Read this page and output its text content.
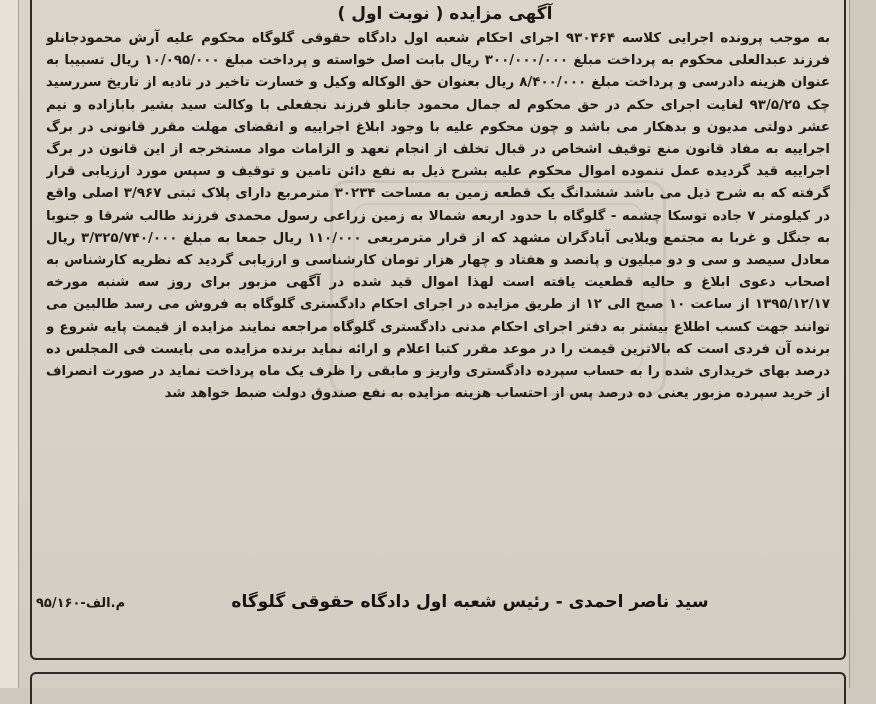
آگهی مزایده ( نوبت اول )
به موجب پرونده اجرایی کلاسه ۹۳۰۴۶۴ اجرای احکام شعبه اول دادگاه حقوقی گلوگاه محکوم علیه آرش محمودجانلو فرزند عبدالعلی محکوم به پرداخت مبلغ ۳۰۰/۰۰۰/۰۰۰ ریال بابت اصل خواسته و پرداخت مبلغ ۱۰/۰۹۵/۰۰۰ ریال تسبیبا به عنوان هزینه دادرسی و پرداخت مبلغ ۸/۴۰۰/۰۰۰ ریال بعنوان حق الوکاله وکیل و خسارت تاخیر در تادیه از تاریخ سررسید چک ۹۳/۵/۲۵ لغایت اجرای حکم در حق محکوم له جمال محمود جانلو فرزند نجفعلی با وکالت سید بشیر بابازاده و نیم عشر دولتی مدیون و بدهکار می باشد و چون محکوم علیه با وجود ابلاغ اجراییه و انقضای مهلت مقرر قانونی در برگ اجراییه به مفاد قانون منع توقیف اشخاص در قبال تخلف از انجام تعهد و الزامات مواد مستخرجه از این قانون در برگ اجراییه قید گردیده عمل ننموده اموال محکوم علیه بشرح ذیل به نفع دائن تامین و توقیف و سپس مورد ارزیابی قرار گرفته که به شرح ذیل می باشد ششدانگ یک قطعه زمین به مساحت ۳۰۲۳۴ مترمربع دارای پلاک ثبتی ۳/۹۶۷ اصلی واقع در کیلومتر ۷ جاده توسکا چشمه - گلوگاه با حدود اربعه شمالا به زمین زراعی رسول محمدی فرزند طالب شرقا و جنوبا به جنگل و غربا به مجتمع ویلایی آبادگران مشهد که از قرار مترمربعی ۱۱۰/۰۰۰ ریال جمعا به مبلغ ۳/۳۲۵/۷۴۰/۰۰۰ ریال معادل سیصد و سی و دو میلیون و پانصد و هفتاد و چهار هزار تومان کارشناسی و ارزیابی گردید که نظریه کارشناس به اصحاب دعوی ابلاغ و حالیه قطعیت یافته است لهذا اموال قید شده در آگهی مزبور برای روز سه شنبه مورخه ۱۳۹۵/۱۲/۱۷ از ساعت ۱۰ صبح الی ۱۲ از طریق مزایده در اجرای احکام دادگستری گلوگاه به فروش می رسد طالبین می توانند جهت کسب اطلاع بیشتر به دفتر اجرای احکام مدنی دادگستری گلوگاه مراجعه نمایند مزایده از قیمت پایه شروع و برنده آن فردی است که بالاترین قیمت را در موعد مقرر کتبا اعلام و ارائه نماید برنده مزایده می بایست فی المجلس ده درصد بهای خریداری شده را به حساب سپرده دادگستری واریز و مابقی را ظرف یک ماه پرداخت نماید در صورت انصراف از خرید سپرده مزبور یعنی ده درصد پس از احتساب هزینه مزایده به نفع صندوق دولت ضبط خواهد شد
سید ناصر احمدی - رئیس شعبه اول دادگاه حقوقی گلوگاه
م.الف-۹۵/۱۶۰
